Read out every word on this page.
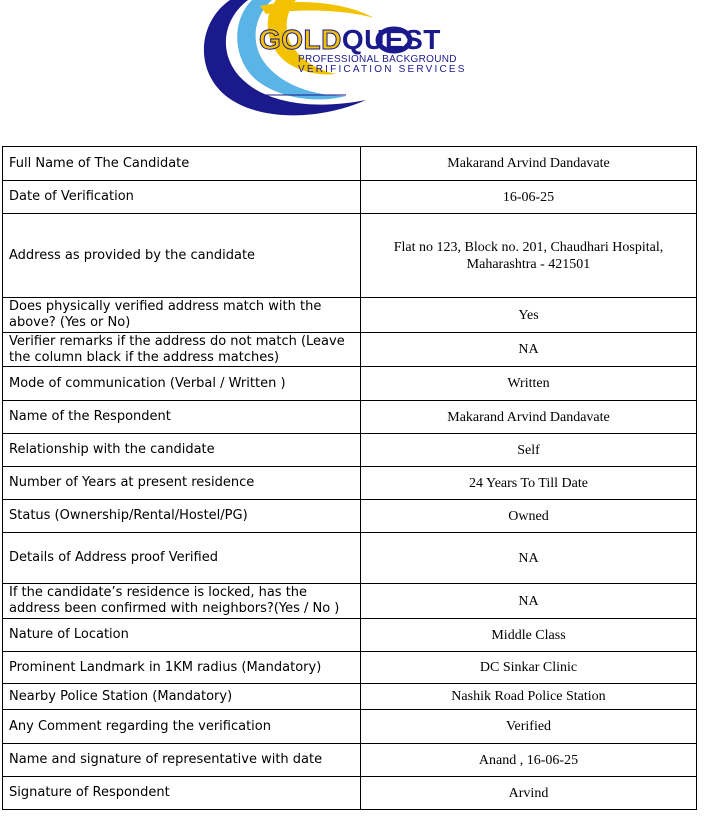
GOLDQUEST
PROFESSIONAL BACKGROUND
VERIFICATION SERVICES
Full Name of The Candidate	Makarand Arvind Dandavate
Date of Verification	16-06-25
Address as provided by the candidate	Flat no 123, Block no. 201, Chaudhari Hospital, Maharashtra - 421501
Does physically verified address match with the above? (Yes or No)	Yes
Verifier remarks if the address do not match (Leave the column black if the address matches)	NA
Mode of communication (Verbal / Written )	Written
Name of the Respondent	Makarand Arvind Dandavate
Relationship with the candidate	Self
Number of Years at present residence	24 Years To Till Date
Status (Ownership/Rental/Hostel/PG)	Owned
Details of Address proof Verified	NA
If the candidate’s residence is locked, has the address been confirmed with neighbors?(Yes / No )	NA
Nature of Location	Middle Class
Prominent Landmark in 1KM radius (Mandatory)	DC Sinkar Clinic
Nearby Police Station (Mandatory)	Nashik Road Police Station
Any Comment regarding the verification	Verified
Name and signature of representative with date	Anand , 16-06-25
Signature of Respondent	Arvind
